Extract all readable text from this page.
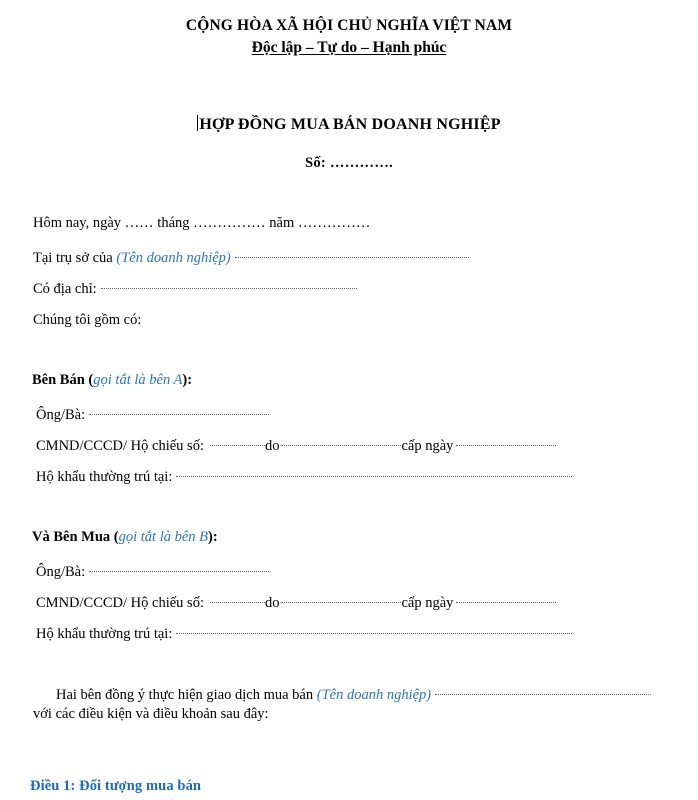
CỘNG HÒA XÃ HỘI CHỦ NGHĨA VIỆT NAM
Độc lập – Tự do – Hạnh phúc
HỢP ĐỒNG MUA BÁN DOANH NGHIỆP
Số: ………….
Hôm nay, ngày …… tháng …………… năm ……………
Tại trụ sở của (Tên doanh nghiệp)
Có địa chỉ:
Chúng tôi gồm có:
Bên Bán (gọi tắt là bên A):
Ông/Bà:
CMND/CCCD/ Hộ chiếu số:	do	cấp ngày
Hộ khẩu thường trú tại:
Và Bên Mua (gọi tắt là bên B):
Ông/Bà:
CMND/CCCD/ Hộ chiếu số:	do	cấp ngày
Hộ khẩu thường trú tại:
Hai bên đồng ý thực hiện giao dịch mua bán (Tên doanh nghiệp)
với các điều kiện và điều khoản sau đây:
Điều 1: Đối tượng mua bán
